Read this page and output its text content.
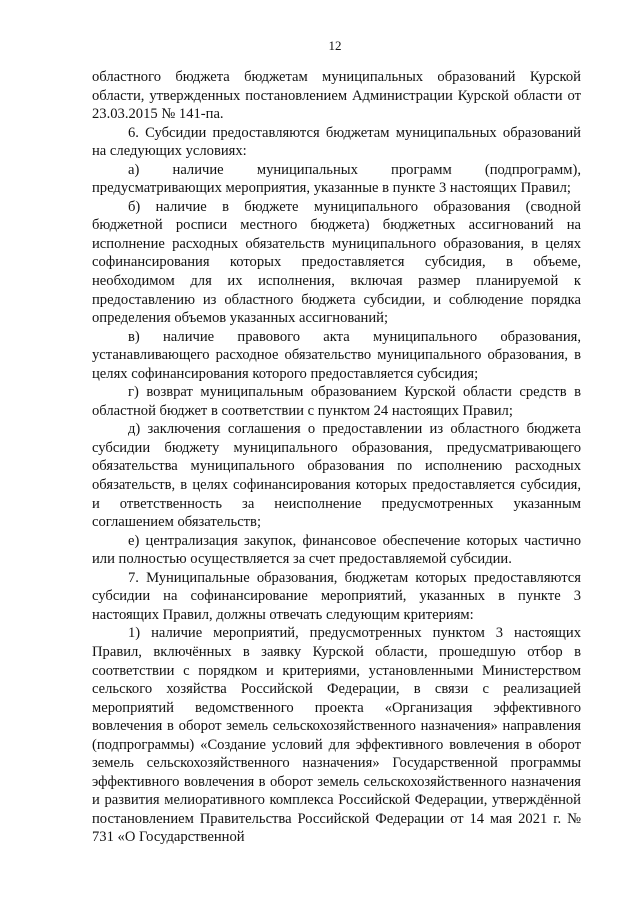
12

областного бюджета бюджетам муниципальных образований Курской области, утвержденных постановлением Администрации Курской области от 23.03.2015 № 141-па.

6. Субсидии предоставляются бюджетам муниципальных образований на следующих условиях:

а) наличие муниципальных программ (подпрограмм), предусматривающих мероприятия, указанные в пункте 3 настоящих Правил;

б) наличие в бюджете муниципального образования (сводной бюджетной росписи местного бюджета) бюджетных ассигнований на исполнение расходных обязательств муниципального образования, в целях софинансирования которых предоставляется субсидия, в объеме, необходимом для их исполнения, включая размер планируемой к предоставлению из областного бюджета субсидии, и соблюдение порядка определения объемов указанных ассигнований;

в) наличие правового акта муниципального образования, устанавливающего расходное обязательство муниципального образования, в целях софинансирования которого предоставляется субсидия;

г) возврат муниципальным образованием Курской области средств в областной бюджет в соответствии с пунктом 24 настоящих Правил;

д) заключения соглашения о предоставлении из областного бюджета субсидии бюджету муниципального образования, предусматривающего обязательства муниципального образования по исполнению расходных обязательств, в целях софинансирования которых предоставляется субсидия, и ответственность за неисполнение предусмотренных указанным соглашением обязательств;

е) централизация закупок, финансовое обеспечение которых частично или полностью осуществляется за счет предоставляемой субсидии.

7. Муниципальные образования, бюджетам которых предоставляются субсидии на софинансирование мероприятий, указанных в пункте 3 настоящих Правил, должны отвечать следующим критериям:

1) наличие мероприятий, предусмотренных пунктом 3 настоящих Правил, включённых в заявку Курской области, прошедшую отбор в соответствии с порядком и критериями, установленными Министерством сельского хозяйства Российской Федерации, в связи с реализацией мероприятий ведомственного проекта «Организация эффективного вовлечения в оборот земель сельскохозяйственного назначения» направления (подпрограммы) «Создание условий для эффективного вовлечения в оборот земель сельскохозяйственного назначения» Государственной программы эффективного вовлечения в оборот земель сельскохозяйственного назначения и развития мелиоративного комплекса Российской Федерации, утверждённой постановлением Правительства Российской Федерации от 14 мая 2021 г. № 731 «О Государственной
